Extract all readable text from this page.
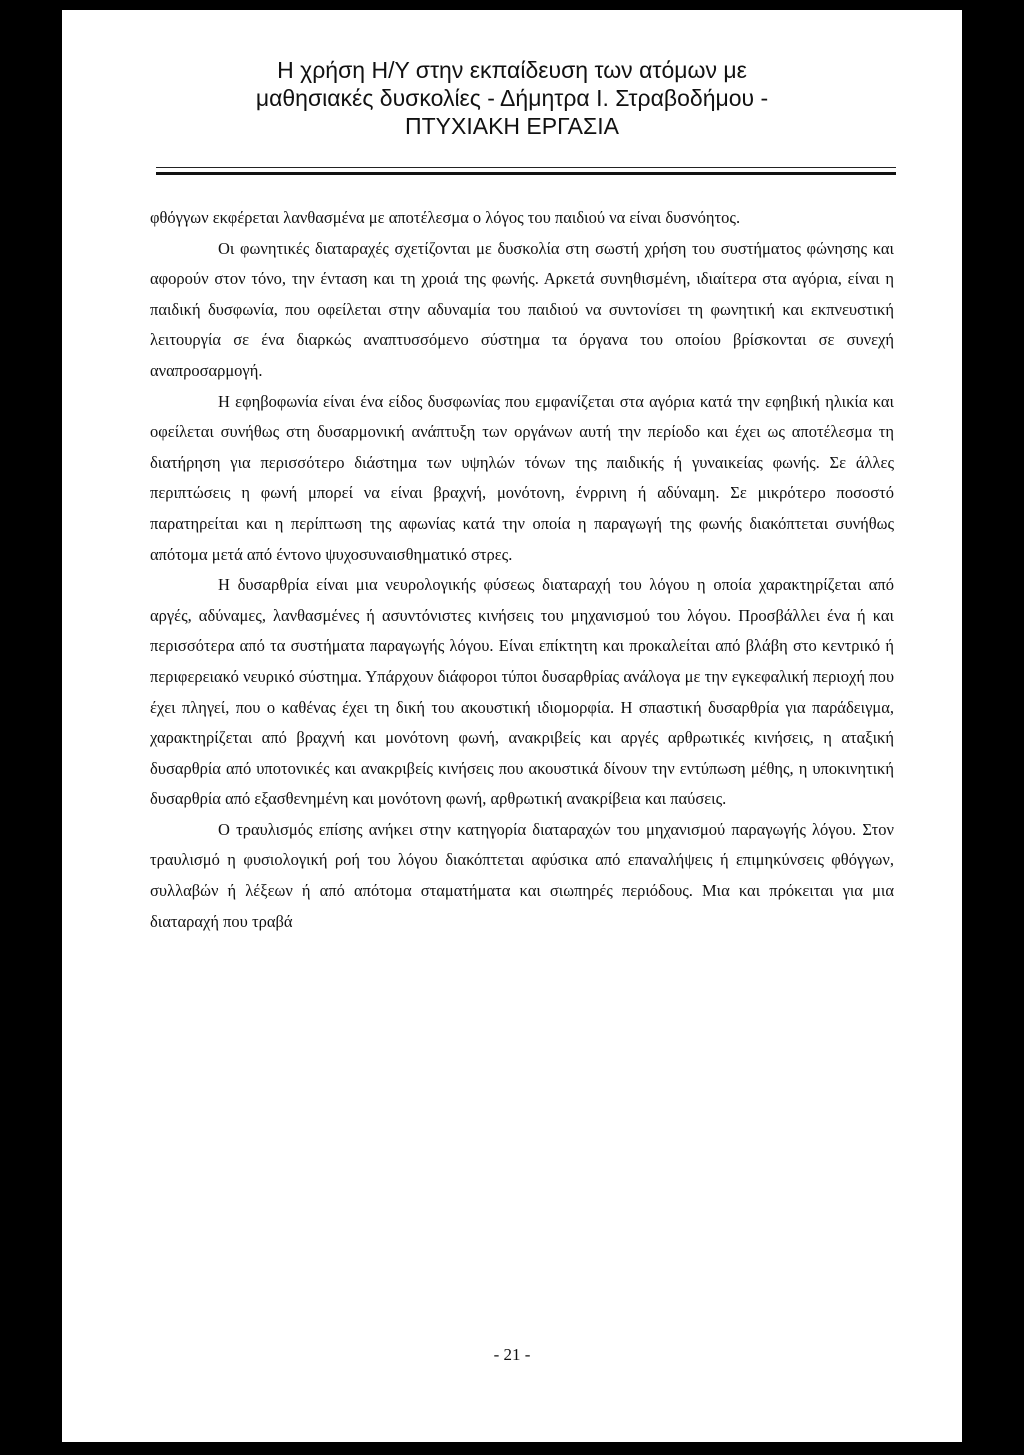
Η χρήση Η/Υ στην εκπαίδευση των ατόμων με
μαθησιακές δυσκολίες - Δήμητρα Ι. Στραβοδήμου -
ΠΤΥΧΙΑΚΗ ΕΡΓΑΣΙΑ

φθόγγων εκφέρεται λανθασμένα με αποτέλεσμα ο λόγος του παιδιού να είναι δυσνόητος.

Οι φωνητικές διαταραχές σχετίζονται με δυσκολία στη σωστή χρήση του συστήματος φώνησης και αφορούν στον τόνο, την ένταση και τη χροιά της φωνής. Αρκετά συνηθισμένη, ιδιαίτερα στα αγόρια, είναι η παιδική δυσφωνία, που οφείλεται στην αδυναμία του παιδιού να συντονίσει τη φωνητική και εκπνευστική λειτουργία σε ένα διαρκώς αναπτυσσόμενο σύστημα τα όργανα του οποίου βρίσκονται σε συνεχή αναπροσαρμογή.

Η εφηβοφωνία είναι ένα είδος δυσφωνίας που εμφανίζεται στα αγόρια κατά την εφηβική ηλικία και οφείλεται συνήθως στη δυσαρμονική ανάπτυξη των οργάνων αυτή την περίοδο και έχει ως αποτέλεσμα τη διατήρηση για περισσότερο διάστημα των υψηλών τόνων της παιδικής ή γυναικείας φωνής. Σε άλλες περιπτώσεις η φωνή μπορεί να είναι βραχνή, μονότονη, ένρρινη ή αδύναμη. Σε μικρότερο ποσοστό παρατηρείται και η περίπτωση της αφωνίας κατά την οποία η παραγωγή της φωνής διακόπτεται συνήθως απότομα μετά από έντονο ψυχοσυναισθηματικό στρες.

Η δυσαρθρία είναι μια νευρολογικής φύσεως διαταραχή του λόγου η οποία χαρακτηρίζεται από αργές, αδύναμες, λανθασμένες ή ασυντόνιστες κινήσεις του μηχανισμού του λόγου. Προσβάλλει ένα ή και περισσότερα από τα συστήματα παραγωγής λόγου. Είναι επίκτητη και προκαλείται από βλάβη στο κεντρικό ή περιφερειακό νευρικό σύστημα. Υπάρχουν διάφοροι τύποι δυσαρθρίας ανάλογα με την εγκεφαλική περιοχή που έχει πληγεί, που ο καθένας έχει τη δική του ακουστική ιδιομορφία. Η σπαστική δυσαρθρία για παράδειγμα, χαρακτηρίζεται από βραχνή και μονότονη φωνή, ανακριβείς και αργές αρθρωτικές κινήσεις, η αταξική δυσαρθρία από υποτονικές και ανακριβείς κινήσεις που ακουστικά δίνουν την εντύπωση μέθης, η υποκινητική δυσαρθρία από εξασθενημένη και μονότονη φωνή, αρθρωτική ανακρίβεια και παύσεις.

Ο τραυλισμός επίσης ανήκει στην κατηγορία διαταραχών του μηχανισμού παραγωγής λόγου. Στον τραυλισμό η φυσιολογική ροή του λόγου διακόπτεται αφύσικα από επαναλήψεις ή επιμηκύνσεις φθόγγων, συλλαβών ή λέξεων ή από απότομα σταματήματα και σιωπηρές περιόδους. Μια και πρόκειται για μια διαταραχή που τραβά

- 21 -
